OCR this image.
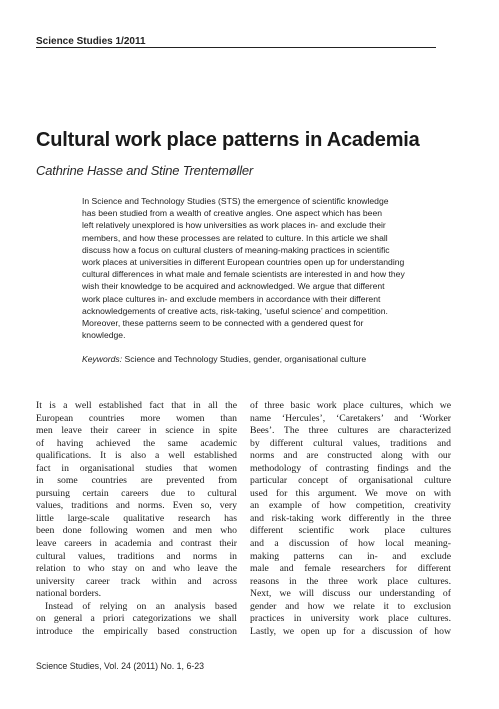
Science Studies 1/2011
Cultural work place patterns in Academia
Cathrine Hasse and Stine Trentemøller
In Science and Technology Studies (STS) the emergence of scientific knowledge
has been studied from a wealth of creative angles. One aspect which has been
left relatively unexplored is how universities as work places in- and exclude their
members, and how these processes are related to culture. In this article we shall
discuss how a focus on cultural clusters of meaning-making practices in scientific
work places at universities in different European countries open up for understanding
cultural differences in what male and female scientists are interested in and how they
wish their knowledge to be acquired and acknowledged. We argue that different
work place cultures in- and exclude members in accordance with their different
acknowledgements of creative acts, risk-taking, ‘useful science’ and competition.
Moreover, these patterns seem to be connected with a gendered quest for
knowledge.
Keywords: Science and Technology Studies, gender, organisational culture
It is a well established fact that in all the
European countries more women than
men leave their career in science in spite
of having achieved the same academic
qualifications. It is also a well established
fact in organisational studies that women
in some countries are prevented from
pursuing certain careers due to cultural
values, traditions and norms. Even so, very
little large-scale qualitative research has
been done following women and men who
leave careers in academia and contrast their
cultural values, traditions and norms in
relation to who stay on and who leave the
university career track within and across
national borders.
Instead of relying on an analysis based
on general a priori categorizations we shall
introduce the empirically based construction
of three basic work place cultures, which we
name ‘Hercules’, ‘Caretakers’ and ‘Worker
Bees’. The three cultures are characterized
by different cultural values, traditions and
norms and are constructed along with our
methodology of contrasting findings and the
particular concept of organisational culture
used for this argument. We move on with
an example of how competition, creativity
and risk-taking work differently in the three
different scientific work place cultures
and a discussion of how local meaning-
making patterns can in- and exclude
male and female researchers for different
reasons in the three work place cultures.
Next, we will discuss our understanding of
gender and how we relate it to exclusion
practices in university work place cultures.
Lastly, we open up for a discussion of how
Science Studies, Vol. 24 (2011) No. 1, 6-23
